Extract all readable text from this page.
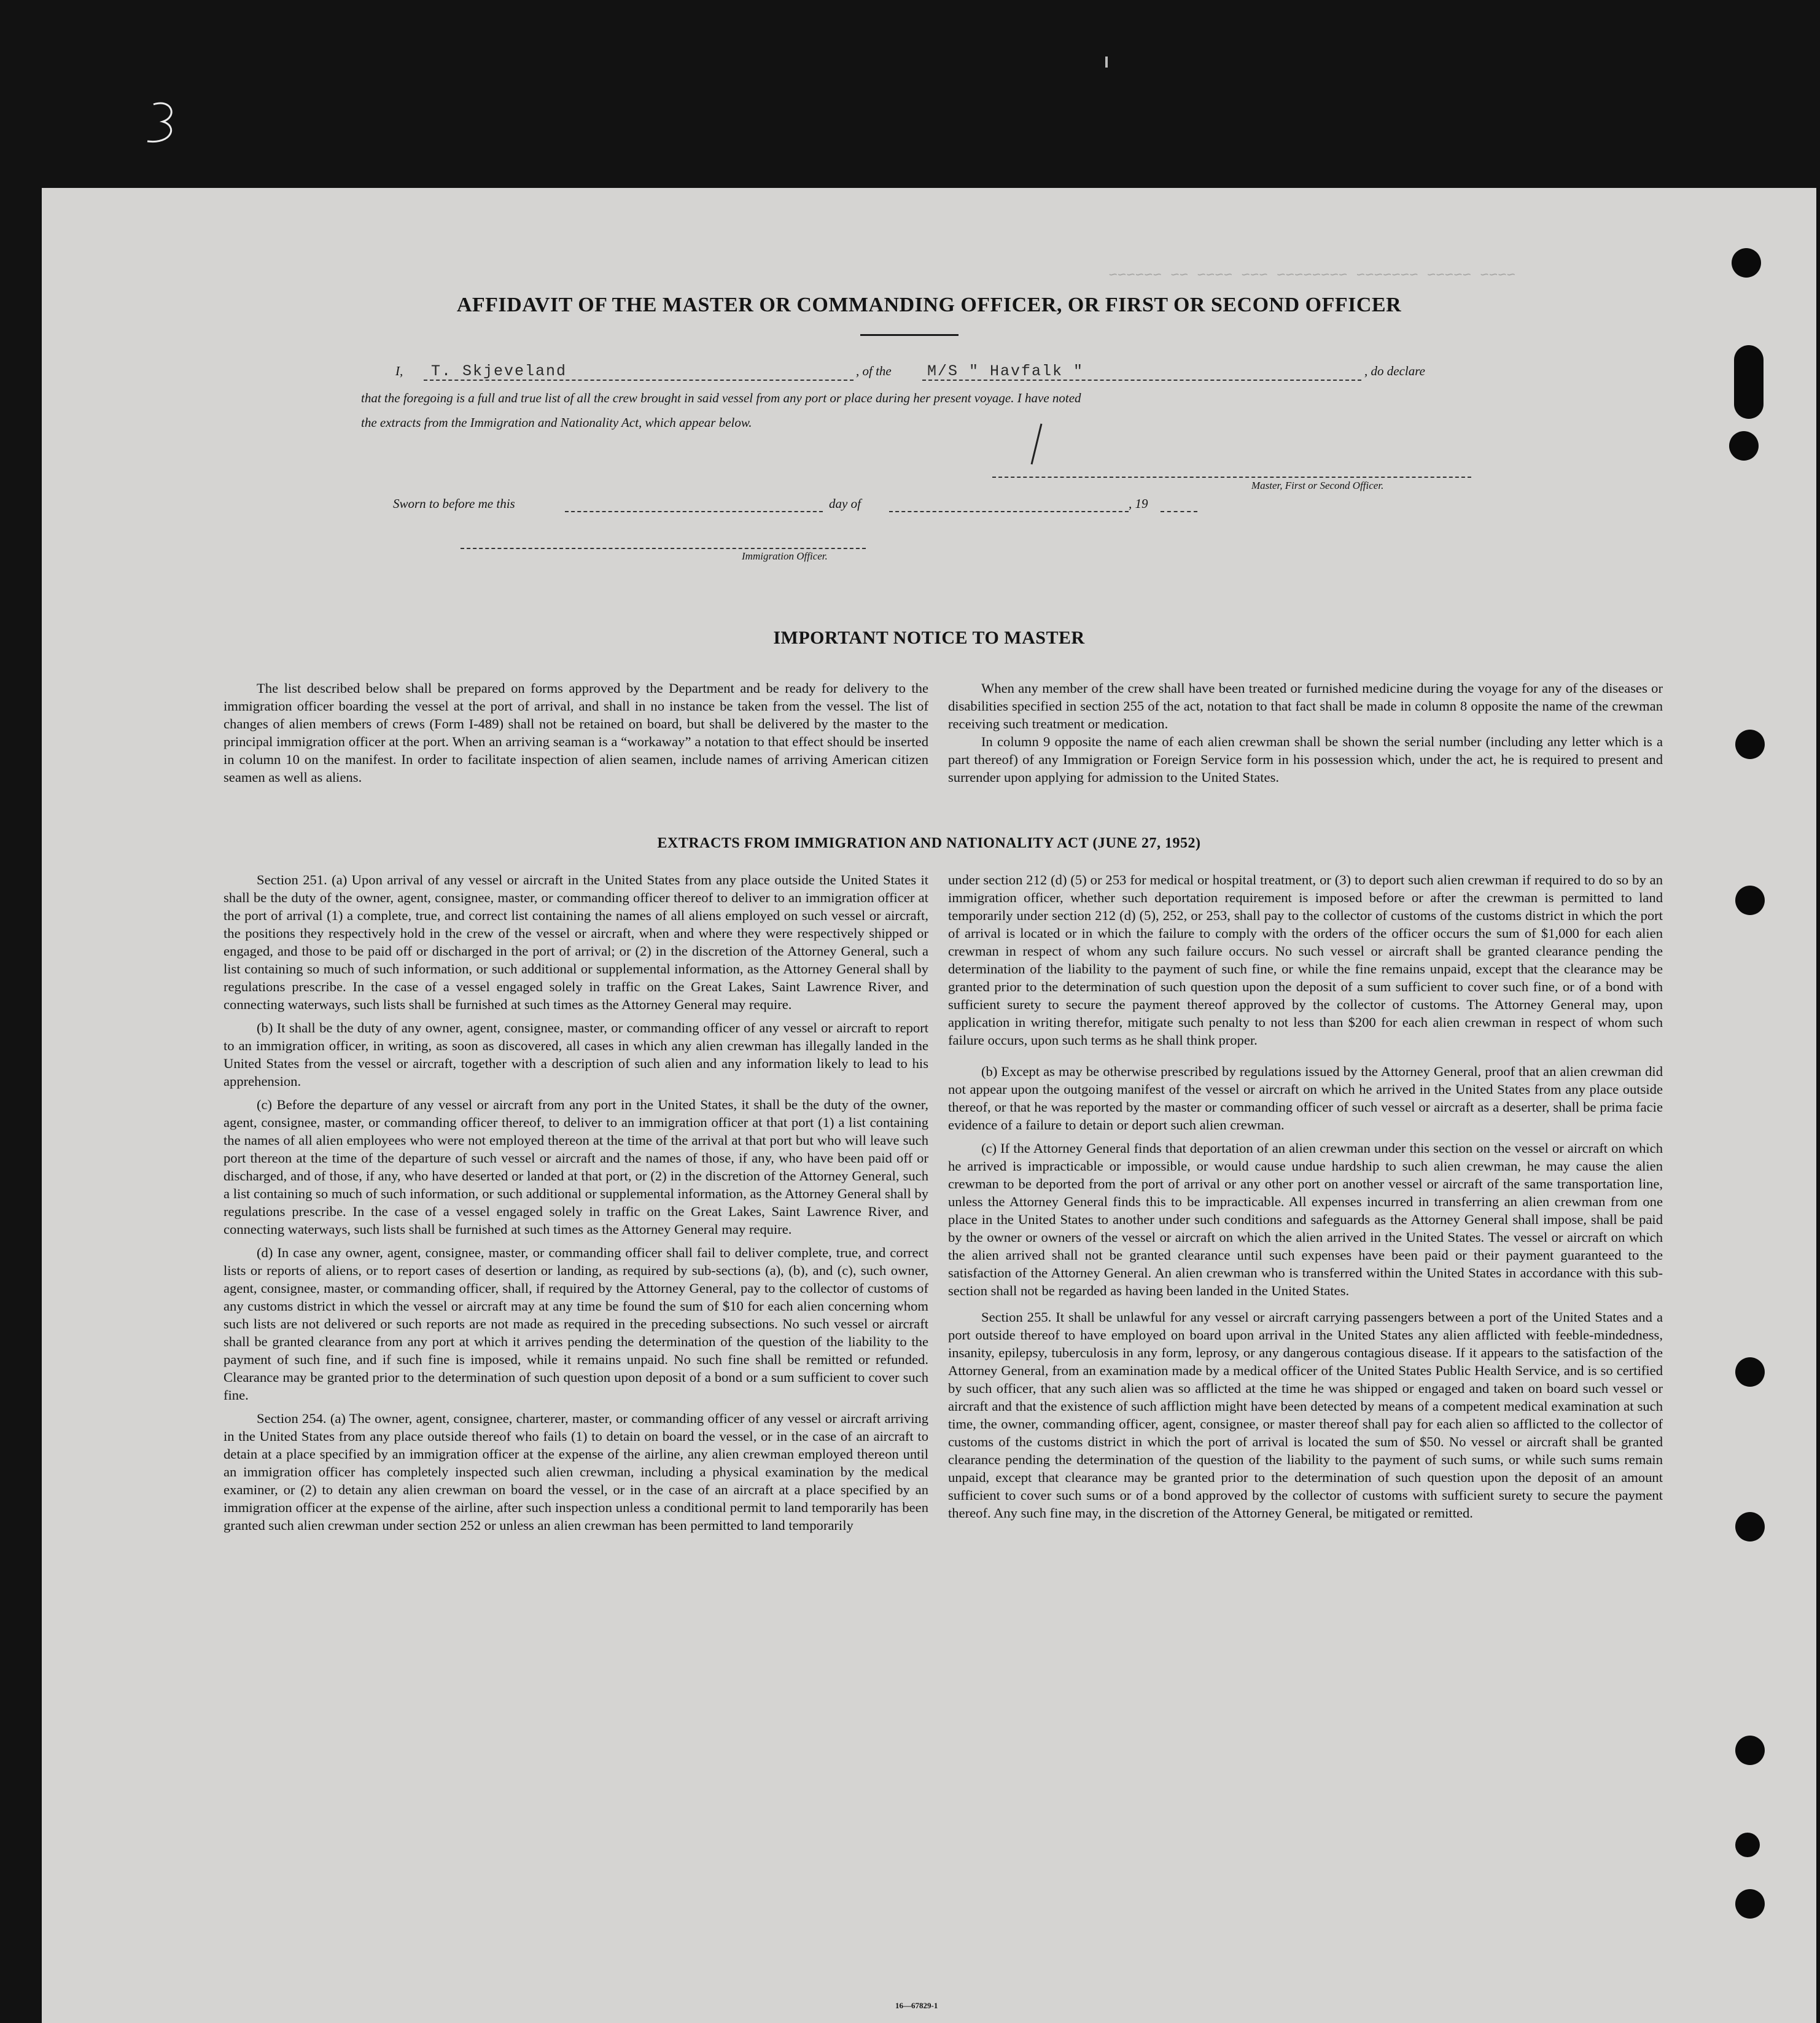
~~~~ ~~~~~ ~~~~~~~ ~~~~~~~~ ~~~ ~~~~ ~~ ~~~~~~
AFFIDAVIT OF THE MASTER OR COMMANDING OFFICER, OR FIRST OR SECOND OFFICER
I, T. Skjeveland	, of the M/S " Havfalk "	, do declare
that the foregoing is a full and true list of all the crew brought in said vessel from any port or place during her present voyage. I have noted
the extracts from the Immigration and Nationality Act, which appear below.
Master, First or Second Officer.
Sworn to before me this	day of	, 19
Immigration Officer.
IMPORTANT NOTICE TO MASTER

The list described below shall be prepared on forms approved by the Department and be ready for delivery to the immigration officer boarding the vessel at the port of arrival, and shall in no instance be taken from the vessel. The list of changes of alien members of crews (Form I-489) shall not be retained on board, but shall be delivered by the master to the principal immigration officer at the port. When an arriving seaman is a “workaway” a notation to that effect should be inserted in column 10 on the manifest. In order to facilitate inspection of alien seamen, include names of arriving American citizen seamen as well as aliens.

When any member of the crew shall have been treated or furnished medicine during the voyage for any of the diseases or disabilities specified in section 255 of the act, notation to that fact shall be made in column 8 opposite the name of the crewman receiving such treatment or medication.

In column 9 opposite the name of each alien crewman shall be shown the serial number (including any letter which is a part thereof) of any Immigration or Foreign Service form in his possession which, under the act, he is required to present and surrender upon applying for admission to the United States.

EXTRACTS FROM IMMIGRATION AND NATIONALITY ACT (JUNE 27, 1952)

Section 251. (a) Upon arrival of any vessel or aircraft in the United States from any place outside the United States it shall be the duty of the owner, agent, consignee, master, or commanding officer thereof to deliver to an immigration officer at the port of arrival (1) a complete, true, and correct list containing the names of all aliens employed on such vessel or aircraft, the positions they respectively hold in the crew of the vessel or aircraft, when and where they were respectively shipped or engaged, and those to be paid off or discharged in the port of arrival; or (2) in the discretion of the Attorney General, such a list containing so much of such information, or such additional or supplemental information, as the Attorney General shall by regulations prescribe. In the case of a vessel engaged solely in traffic on the Great Lakes, Saint Lawrence River, and connecting waterways, such lists shall be furnished at such times as the Attorney General may require.

(b) It shall be the duty of any owner, agent, consignee, master, or commanding officer of any vessel or aircraft to report to an immigration officer, in writing, as soon as discovered, all cases in which any alien crewman has illegally landed in the United States from the vessel or aircraft, together with a description of such alien and any information likely to lead to his apprehension.

(c) Before the departure of any vessel or aircraft from any port in the United States, it shall be the duty of the owner, agent, consignee, master, or commanding officer thereof, to deliver to an immigration officer at that port (1) a list containing the names of all alien employees who were not employed thereon at the time of the arrival at that port but who will leave such port thereon at the time of the departure of such vessel or aircraft and the names of those, if any, who have been paid off or discharged, and of those, if any, who have deserted or landed at that port, or (2) in the discretion of the Attorney General, such a list containing so much of such information, or such additional or supplemental information, as the Attorney General shall by regulations prescribe. In the case of a vessel engaged solely in traffic on the Great Lakes, Saint Lawrence River, and connecting waterways, such lists shall be furnished at such times as the Attorney General may require.

(d) In case any owner, agent, consignee, master, or commanding officer shall fail to deliver complete, true, and correct lists or reports of aliens, or to report cases of desertion or landing, as required by sub-sections (a), (b), and (c), such owner, agent, consignee, master, or commanding officer, shall, if required by the Attorney General, pay to the collector of customs of any customs district in which the vessel or aircraft may at any time be found the sum of $10 for each alien concerning whom such lists are not delivered or such reports are not made as required in the preceding subsections. No such vessel or aircraft shall be granted clearance from any port at which it arrives pending the determination of the question of the liability to the payment of such fine, and if such fine is imposed, while it remains unpaid. No such fine shall be remitted or refunded. Clearance may be granted prior to the determination of such question upon deposit of a bond or a sum sufficient to cover such fine.

Section 254. (a) The owner, agent, consignee, charterer, master, or commanding officer of any vessel or aircraft arriving in the United States from any place outside thereof who fails (1) to detain on board the vessel, or in the case of an aircraft to detain at a place specified by an immigration officer at the expense of the airline, any alien crewman employed thereon until an immigration officer has completely inspected such alien crewman, including a physical examination by the medical examiner, or (2) to detain any alien crewman on board the vessel, or in the case of an aircraft at a place specified by an immigration officer at the expense of the airline, after such inspection unless a conditional permit to land temporarily has been granted such alien crewman under section 252 or unless an alien crewman has been permitted to land temporarily

under section 212 (d) (5) or 253 for medical or hospital treatment, or (3) to deport such alien crewman if required to do so by an immigration officer, whether such deportation requirement is imposed before or after the crewman is permitted to land temporarily under section 212 (d) (5), 252, or 253, shall pay to the collector of customs of the customs district in which the port of arrival is located or in which the failure to comply with the orders of the officer occurs the sum of $1,000 for each alien crewman in respect of whom any such failure occurs. No such vessel or aircraft shall be granted clearance pending the determination of the liability to the payment of such fine, or while the fine remains unpaid, except that the clearance may be granted prior to the determination of such question upon the deposit of a sum sufficient to cover such fine, or of a bond with sufficient surety to secure the payment thereof approved by the collector of customs. The Attorney General may, upon application in writing therefor, mitigate such penalty to not less than $200 for each alien crewman in respect of whom such failure occurs, upon such terms as he shall think proper.

(b) Except as may be otherwise prescribed by regulations issued by the Attorney General, proof that an alien crewman did not appear upon the outgoing manifest of the vessel or aircraft on which he arrived in the United States from any place outside thereof, or that he was reported by the master or commanding officer of such vessel or aircraft as a deserter, shall be prima facie evidence of a failure to detain or deport such alien crewman.

(c) If the Attorney General finds that deportation of an alien crewman under this section on the vessel or aircraft on which he arrived is impracticable or impossible, or would cause undue hardship to such alien crewman, he may cause the alien crewman to be deported from the port of arrival or any other port on another vessel or aircraft of the same transportation line, unless the Attorney General finds this to be impracticable. All expenses incurred in transferring an alien crewman from one place in the United States to another under such conditions and safeguards as the Attorney General shall impose, shall be paid by the owner or owners of the vessel or aircraft on which the alien arrived in the United States. The vessel or aircraft on which the alien arrived shall not be granted clearance until such expenses have been paid or their payment guaranteed to the satisfaction of the Attorney General. An alien crewman who is transferred within the United States in accordance with this sub-section shall not be regarded as having been landed in the United States.

Section 255. It shall be unlawful for any vessel or aircraft carrying passengers between a port of the United States and a port outside thereof to have employed on board upon arrival in the United States any alien afflicted with feeble-mindedness, insanity, epilepsy, tuberculosis in any form, leprosy, or any dangerous contagious disease. If it appears to the satisfaction of the Attorney General, from an examination made by a medical officer of the United States Public Health Service, and is so certified by such officer, that any such alien was so afflicted at the time he was shipped or engaged and taken on board such vessel or aircraft and that the existence of such affliction might have been detected by means of a competent medical examination at such time, the owner, commanding officer, agent, consignee, or master thereof shall pay for each alien so afflicted to the collector of customs of the customs district in which the port of arrival is located the sum of $50. No vessel or aircraft shall be granted clearance pending the determination of the question of the liability to the payment of such sums, or while such sums remain unpaid, except that clearance may be granted prior to the determination of such question upon the deposit of an amount sufficient to cover such sums or of a bond approved by the collector of customs with sufficient surety to secure the payment thereof. Any such fine may, in the discretion of the Attorney General, be mitigated or remitted.

16—67829-1
